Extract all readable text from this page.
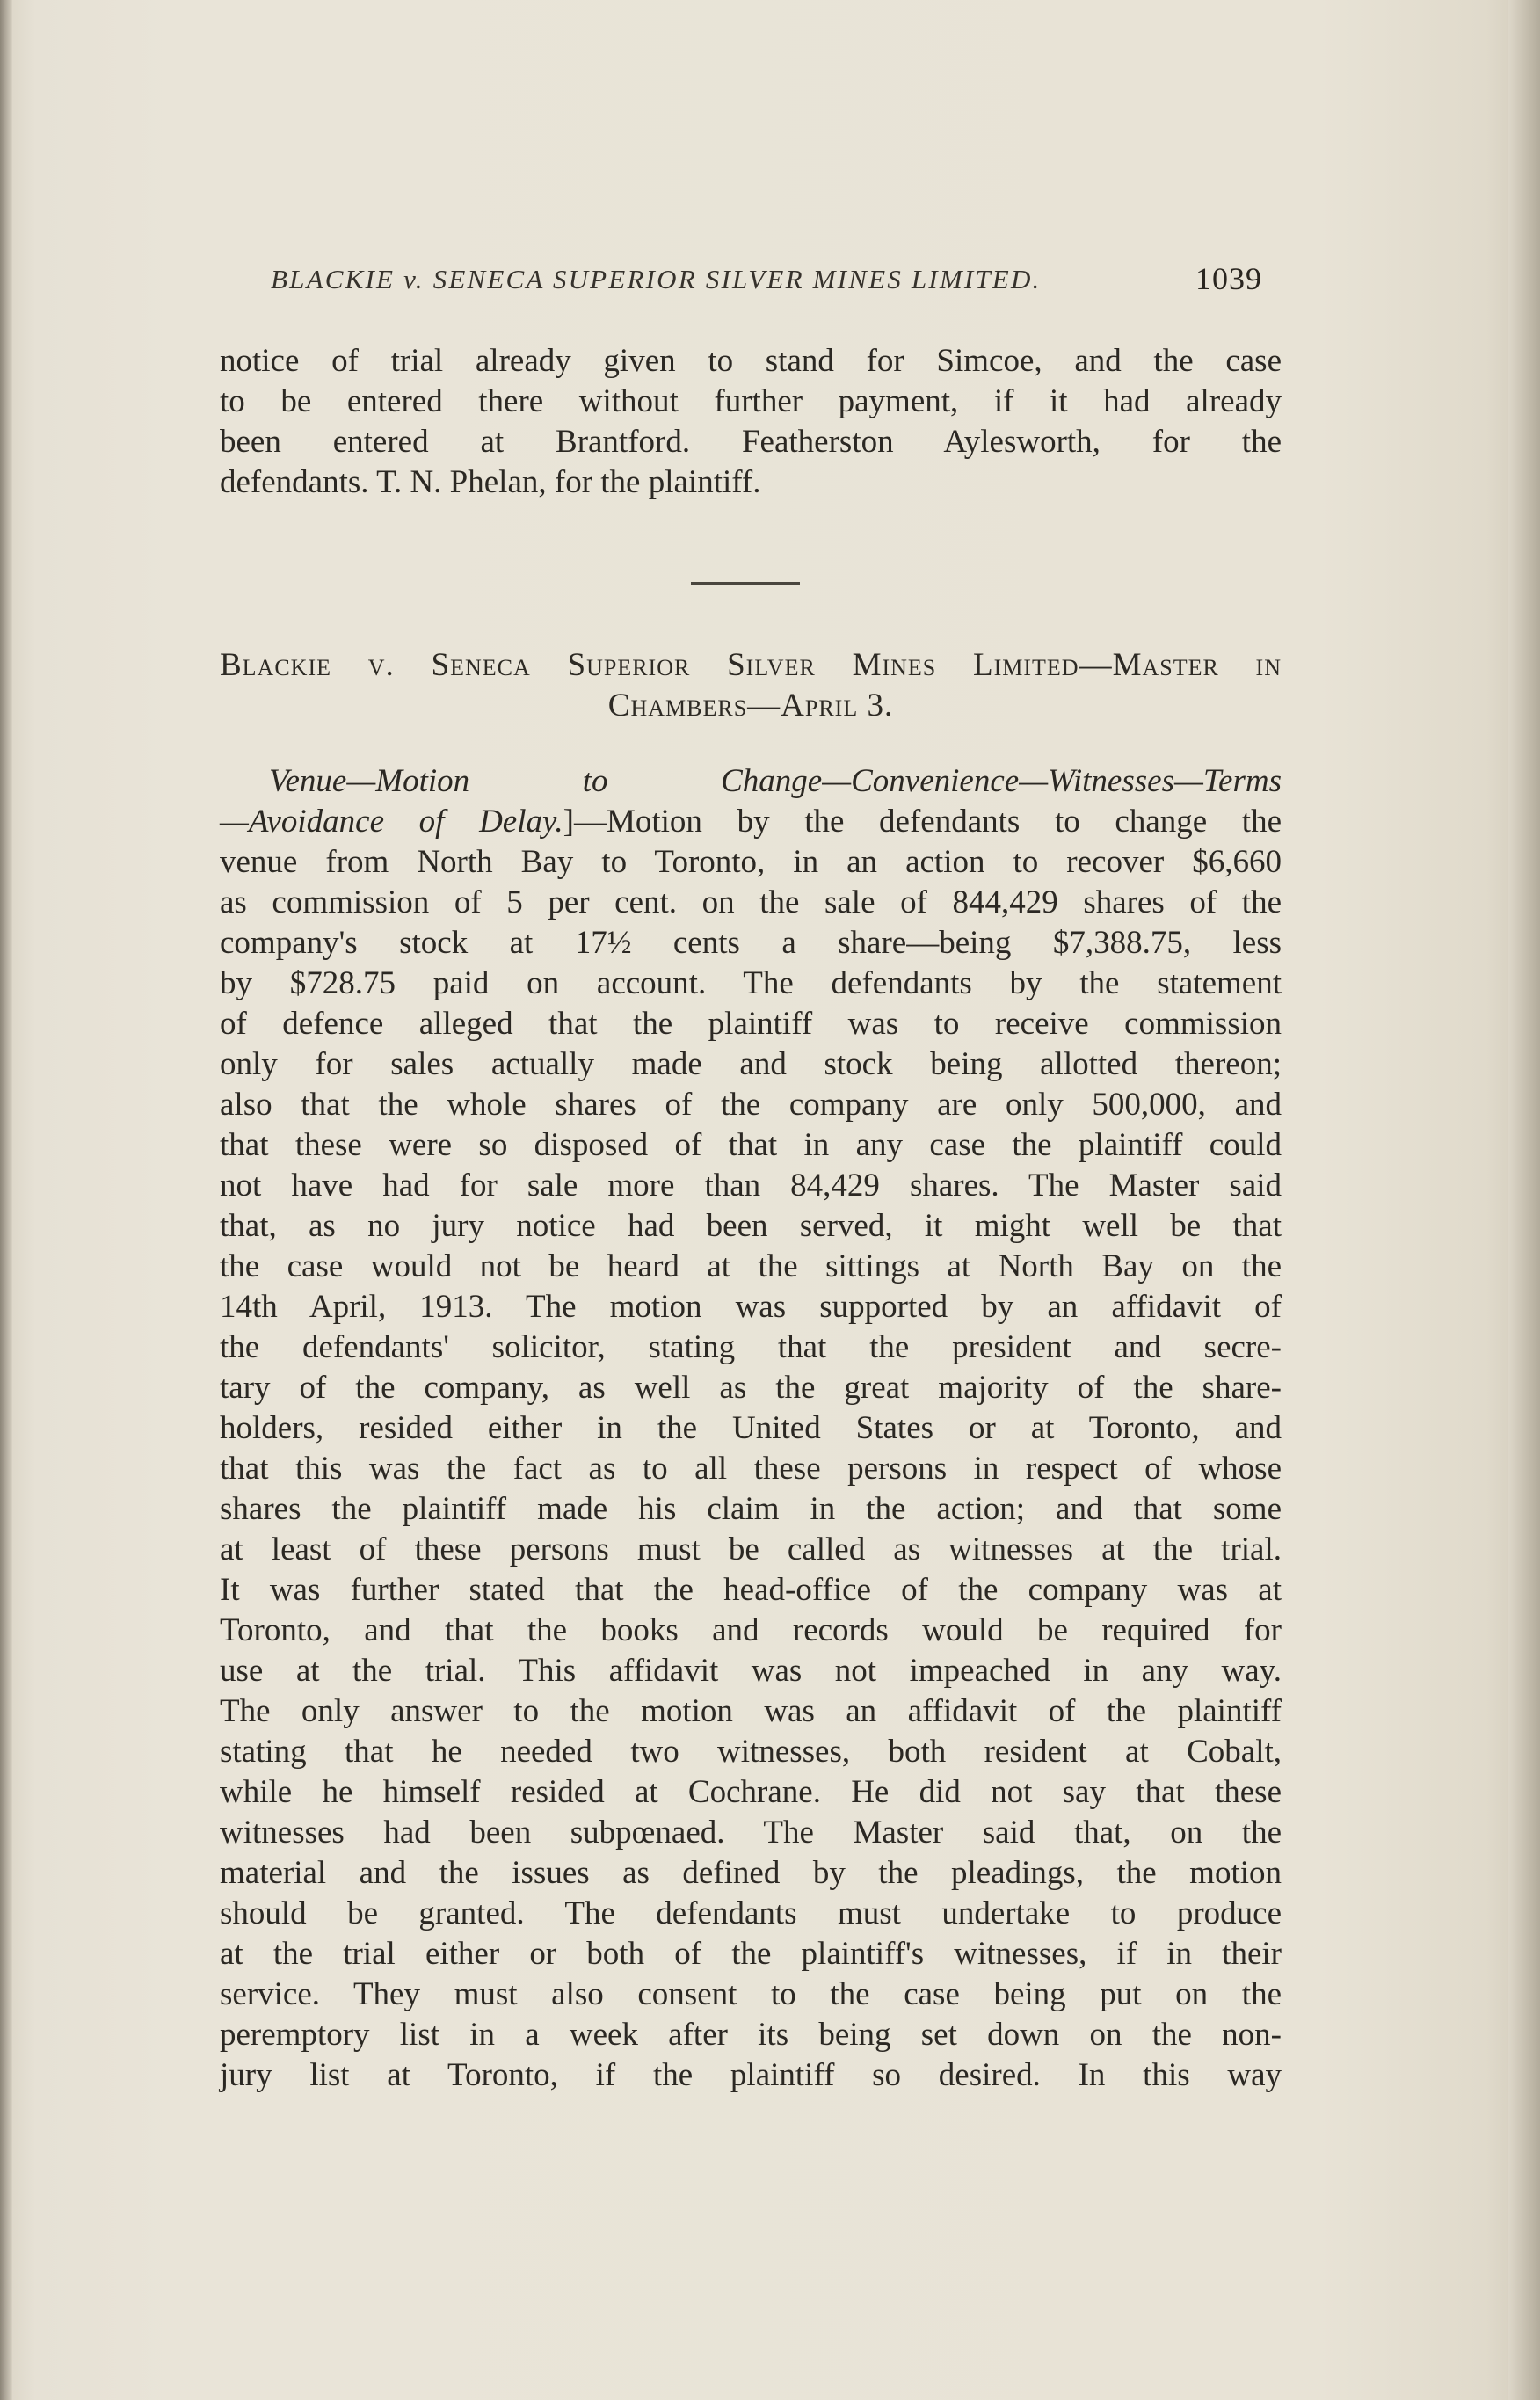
BLACKIE v. SENECA SUPERIOR SILVER MINES LIMITED.	1039
notice of trial already given to stand for Simcoe, and the case
to be entered there without further payment, if it had already
been entered at Brantford. Featherston Aylesworth, for the
defendants. T. N. Phelan, for the plaintiff.
Blackie v. Seneca Superior Silver Mines Limited—Master in
Chambers—April 3.
Venue—Motion to Change—Convenience—Witnesses—Terms
—Avoidance of Delay.]—Motion by the defendants to change the
venue from North Bay to Toronto, in an action to recover $6,660
as commission of 5 per cent. on the sale of 844,429 shares of the
company's stock at 17½ cents a share—being $7,388.75, less
by $728.75 paid on account. The defendants by the statement
of defence alleged that the plaintiff was to receive commission
only for sales actually made and stock being allotted thereon;
also that the whole shares of the company are only 500,000, and
that these were so disposed of that in any case the plaintiff could
not have had for sale more than 84,429 shares. The Master said
that, as no jury notice had been served, it might well be that
the case would not be heard at the sittings at North Bay on the
14th April, 1913. The motion was supported by an affidavit of
the defendants' solicitor, stating that the president and secre-
tary of the company, as well as the great majority of the share-
holders, resided either in the United States or at Toronto, and
that this was the fact as to all these persons in respect of whose
shares the plaintiff made his claim in the action; and that some
at least of these persons must be called as witnesses at the trial.
It was further stated that the head-office of the company was at
Toronto, and that the books and records would be required for
use at the trial. This affidavit was not impeached in any way.
The only answer to the motion was an affidavit of the plaintiff
stating that he needed two witnesses, both resident at Cobalt,
while he himself resided at Cochrane. He did not say that these
witnesses had been subpœnaed. The Master said that, on the
material and the issues as defined by the pleadings, the motion
should be granted. The defendants must undertake to produce
at the trial either or both of the plaintiff's witnesses, if in their
service. They must also consent to the case being put on the
peremptory list in a week after its being set down on the non-
jury list at Toronto, if the plaintiff so desired. In this way
